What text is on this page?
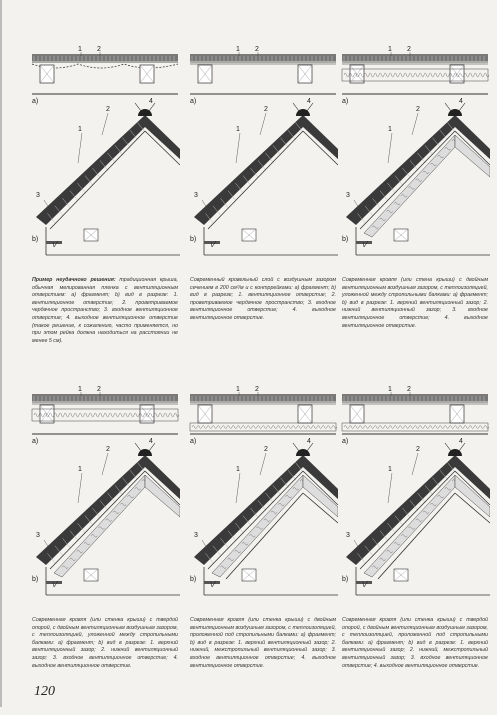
a)
1 2
4
2
1
3
b)
Пример неудачного решения: традиционная крыша, обычная мелированная пленка с вентиляционным отверстием: а) фрагмент; b) вид в разрезе: 1. вентиляционное отверстие; 2. проветриваемое чердачное пространство; 3. входное вентиляционное отверстие; 4. выходное вентиляционное отверстие (такое решение, к сожалению, часто применяется, но при этом рейка должна находиться на расстоянии не менее 5 см).
a)
1 2
4
2
1
3
b)
Современный кровельный слой с воздушным зазором сечением в 200 см²/м и с контррейками: а) фрагмент; b) вид в разрезе; 1. вентиляционное отверстие; 2. проветриваемое чердачное пространство; 3. входное вентиляционное отверстие; 4. выходное вентиляционное отверстие.
a)
1 2
4
2
1
3
b)
Современная кровля (или стена крыши) с двойным вентиляционным воздушным зазором, с теплоизоляцией, уложенной между стропильными балками: а) фрагмент; b) вид в разрезе: 1. верхний вентиляционный зазор; 2. нижний вентиляционный зазор; 3. входное вентиляционное отверстие; 4. выходное вентиляционное отверстие.
a)
1 2
4
2
1
3
b)
Современная кровля (или стенка крыши) с твердой опорой, с двойным вентиляционным воздушным зазором, с теплоизоляцией, уложенной между стропильными балками: а) фрагмент; b) вид в разрезе: 1. верхний вентиляционный зазор; 2. нижний вентиляционный зазор; 3. входное вентиляционное отверстие; 4. выходное вентиляционное отверстие.
a)
1 2
4
2
1
3
b)
Современная кровля (или стенка крыши) с двойным вентиляционным воздушным зазором, с теплоизоляцией, проложенной под стропильными балками: а) фрагмент; b) вид в разрезе: 1. верхний вентиляционный зазор; 2. нижний, межстропильный вентиляционный зазор; 3. входное вентиляционное отверстие; 4. выходное вентиляционное отверстие.
a)
1 2
4
2
1
3
b)
Современная кровля (или стенка крыши) с твердой опорой, с двойным вентиляционным воздушным зазором, с теплоизоляцией, проложенной под стропильными балками: а) фрагмент; b) вид в разрезе: 1. верхний вентиляционный зазор; 2. нижний, межстропильный вентиляционный зазор; 3. входное вентиляционное отверстие; 4. выходное вентиляционное отверстие.
120
